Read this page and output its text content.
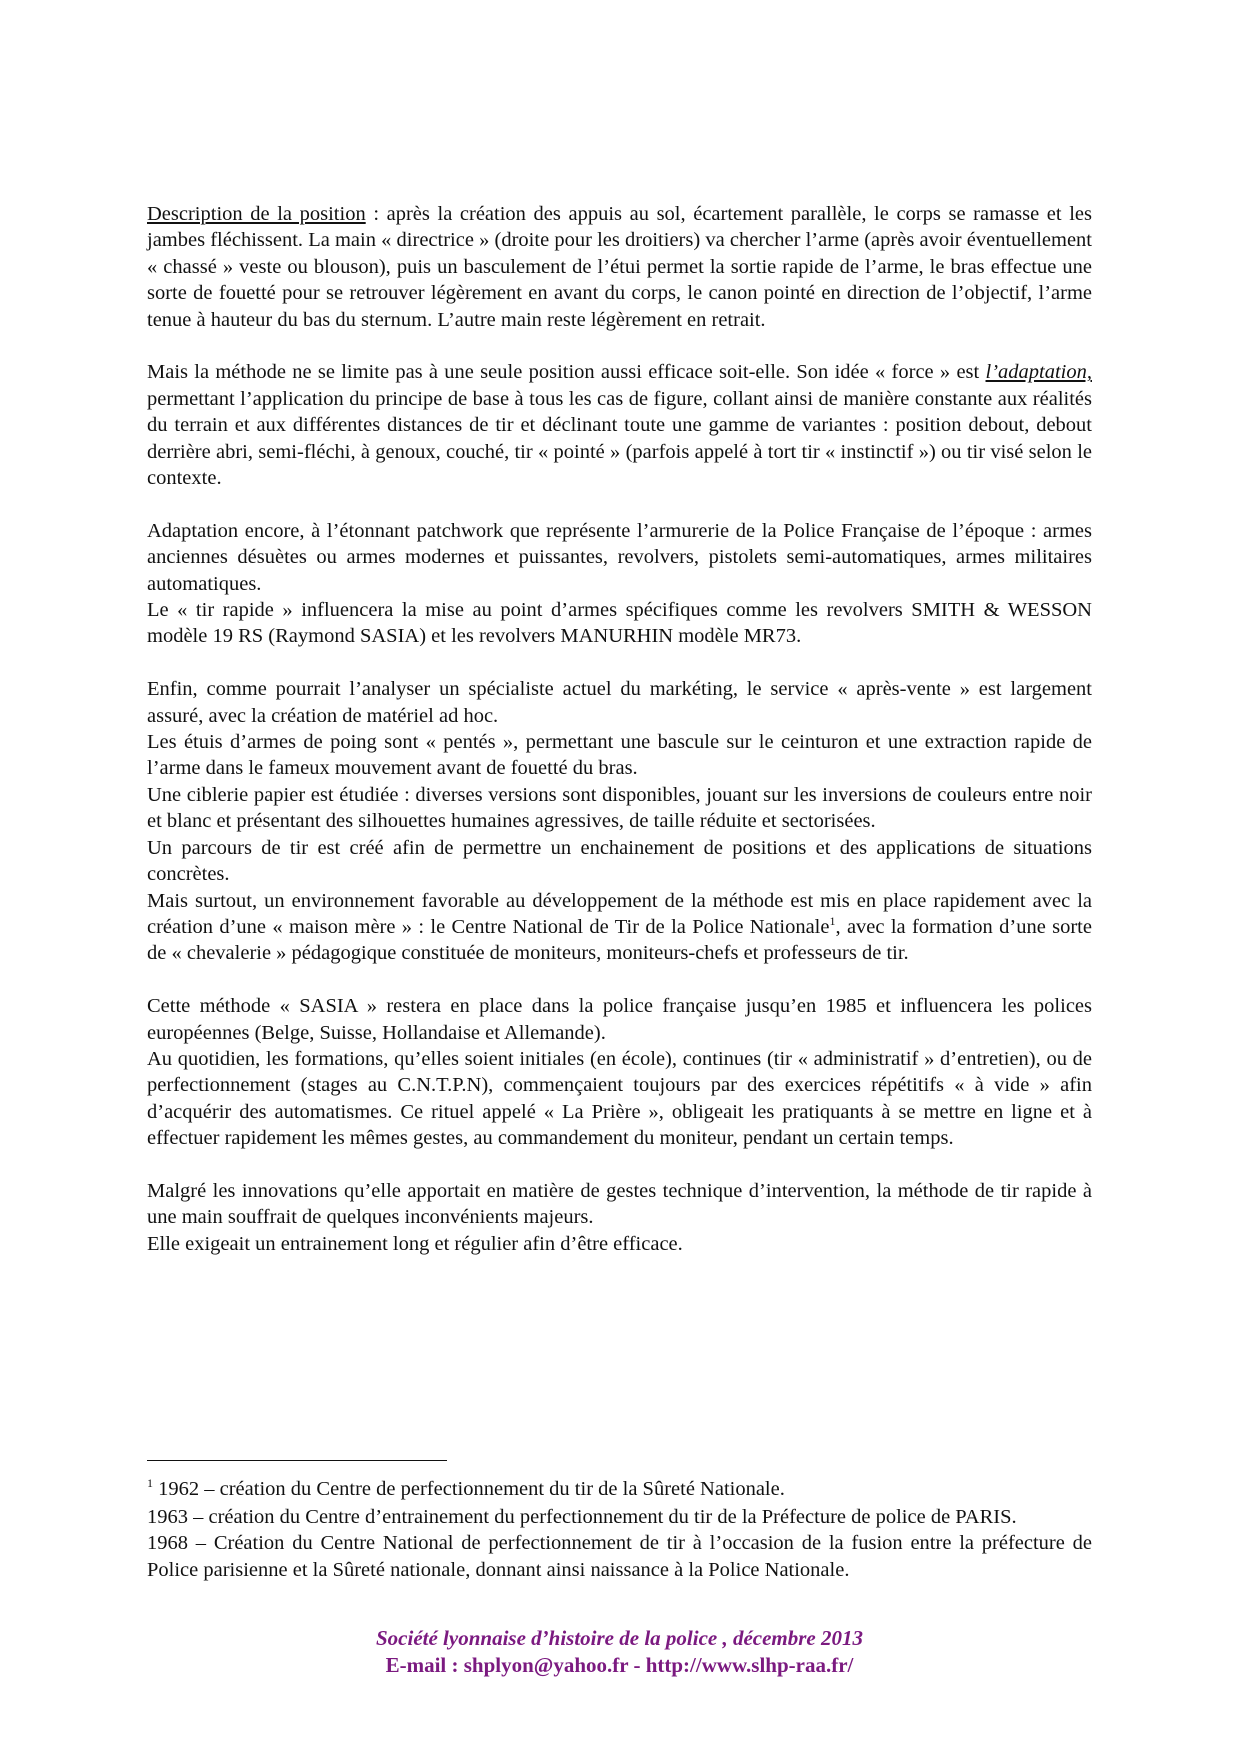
Description de la position : après la création des appuis au sol, écartement parallèle, le corps se ramasse et les jambes fléchissent. La main « directrice » (droite pour les droitiers) va chercher l’arme (après avoir éventuellement « chassé » veste ou blouson), puis un basculement de l’étui permet la sortie rapide de l’arme, le bras effectue une sorte de fouetté pour se retrouver légèrement en avant du corps, le canon pointé en direction de l’objectif, l’arme tenue à hauteur du bas du sternum. L’autre main reste légèrement en retrait.

Mais la méthode ne se limite pas à une seule position aussi efficace soit-elle. Son idée « force » est l’adaptation, permettant l’application du principe de base à tous les cas de figure, collant ainsi de manière constante aux réalités du terrain et aux différentes distances de tir et déclinant toute une gamme de variantes : position debout, debout derrière abri, semi-fléchi, à genoux, couché, tir « pointé » (parfois appelé à tort tir « instinctif ») ou tir visé selon le contexte.

Adaptation encore, à l’étonnant patchwork que représente l’armurerie de la Police Française de l’époque : armes anciennes désuètes ou armes modernes et puissantes, revolvers, pistolets semi-automatiques, armes militaires automatiques.

Le « tir rapide » influencera la mise au point d’armes spécifiques comme les revolvers SMITH & WESSON modèle 19 RS (Raymond SASIA) et les revolvers MANURHIN modèle MR73.

Enfin, comme pourrait l’analyser un spécialiste actuel du markéting, le service « après-vente » est largement assuré, avec la création de matériel ad hoc.

Les étuis d’armes de poing sont « pentés », permettant une bascule sur le ceinturon et une extraction rapide de l’arme dans le fameux mouvement avant de fouetté du bras.

Une ciblerie papier est étudiée : diverses versions sont disponibles, jouant sur les inversions de couleurs entre noir et blanc et présentant des silhouettes humaines agressives, de taille réduite et sectorisées.

Un parcours de tir est créé afin de permettre un enchainement de positions et des applications de situations concrètes.

Mais surtout, un environnement favorable au développement de la méthode est mis en place rapidement avec la création d’une « maison mère » : le Centre National de Tir de la Police Nationale$^1$, avec la formation d’une sorte de « chevalerie » pédagogique constituée de moniteurs, moniteurs-chefs et professeurs de tir.

Cette méthode « SASIA » restera en place dans la police française jusqu’en 1985 et influencera les polices européennes (Belge, Suisse, Hollandaise et Allemande).

Au quotidien, les formations, qu’elles soient initiales (en école), continues (tir « administratif » d’entretien), ou de perfectionnement (stages au C.N.T.P.N), commençaient toujours par des exercices répétitifs « à vide » afin d’acquérir des automatismes. Ce rituel appelé « La Prière », obligeait les pratiquants à se mettre en ligne et à effectuer rapidement les mêmes gestes, au commandement du moniteur, pendant un certain temps.

Malgré les innovations qu’elle apportait en matière de gestes technique d’intervention, la méthode de tir rapide à une main souffrait de quelques inconvénients majeurs.

Elle exigeait un entrainement long et régulier afin d’être efficace.

$^1$ 1962 – création du Centre de perfectionnement du tir de la Sûreté Nationale.

1963 – création du Centre d’entrainement du perfectionnement du tir de la Préfecture de police de PARIS.

1968 – Création du Centre National de perfectionnement de tir à l’occasion de la fusion entre la préfecture de Police parisienne et la Sûreté nationale, donnant ainsi naissance à la Police Nationale.

Société lyonnaise d’histoire de la police , décembre 2013
E-mail : shplyon@yahoo.fr - http://www.slhp-raa.fr/
